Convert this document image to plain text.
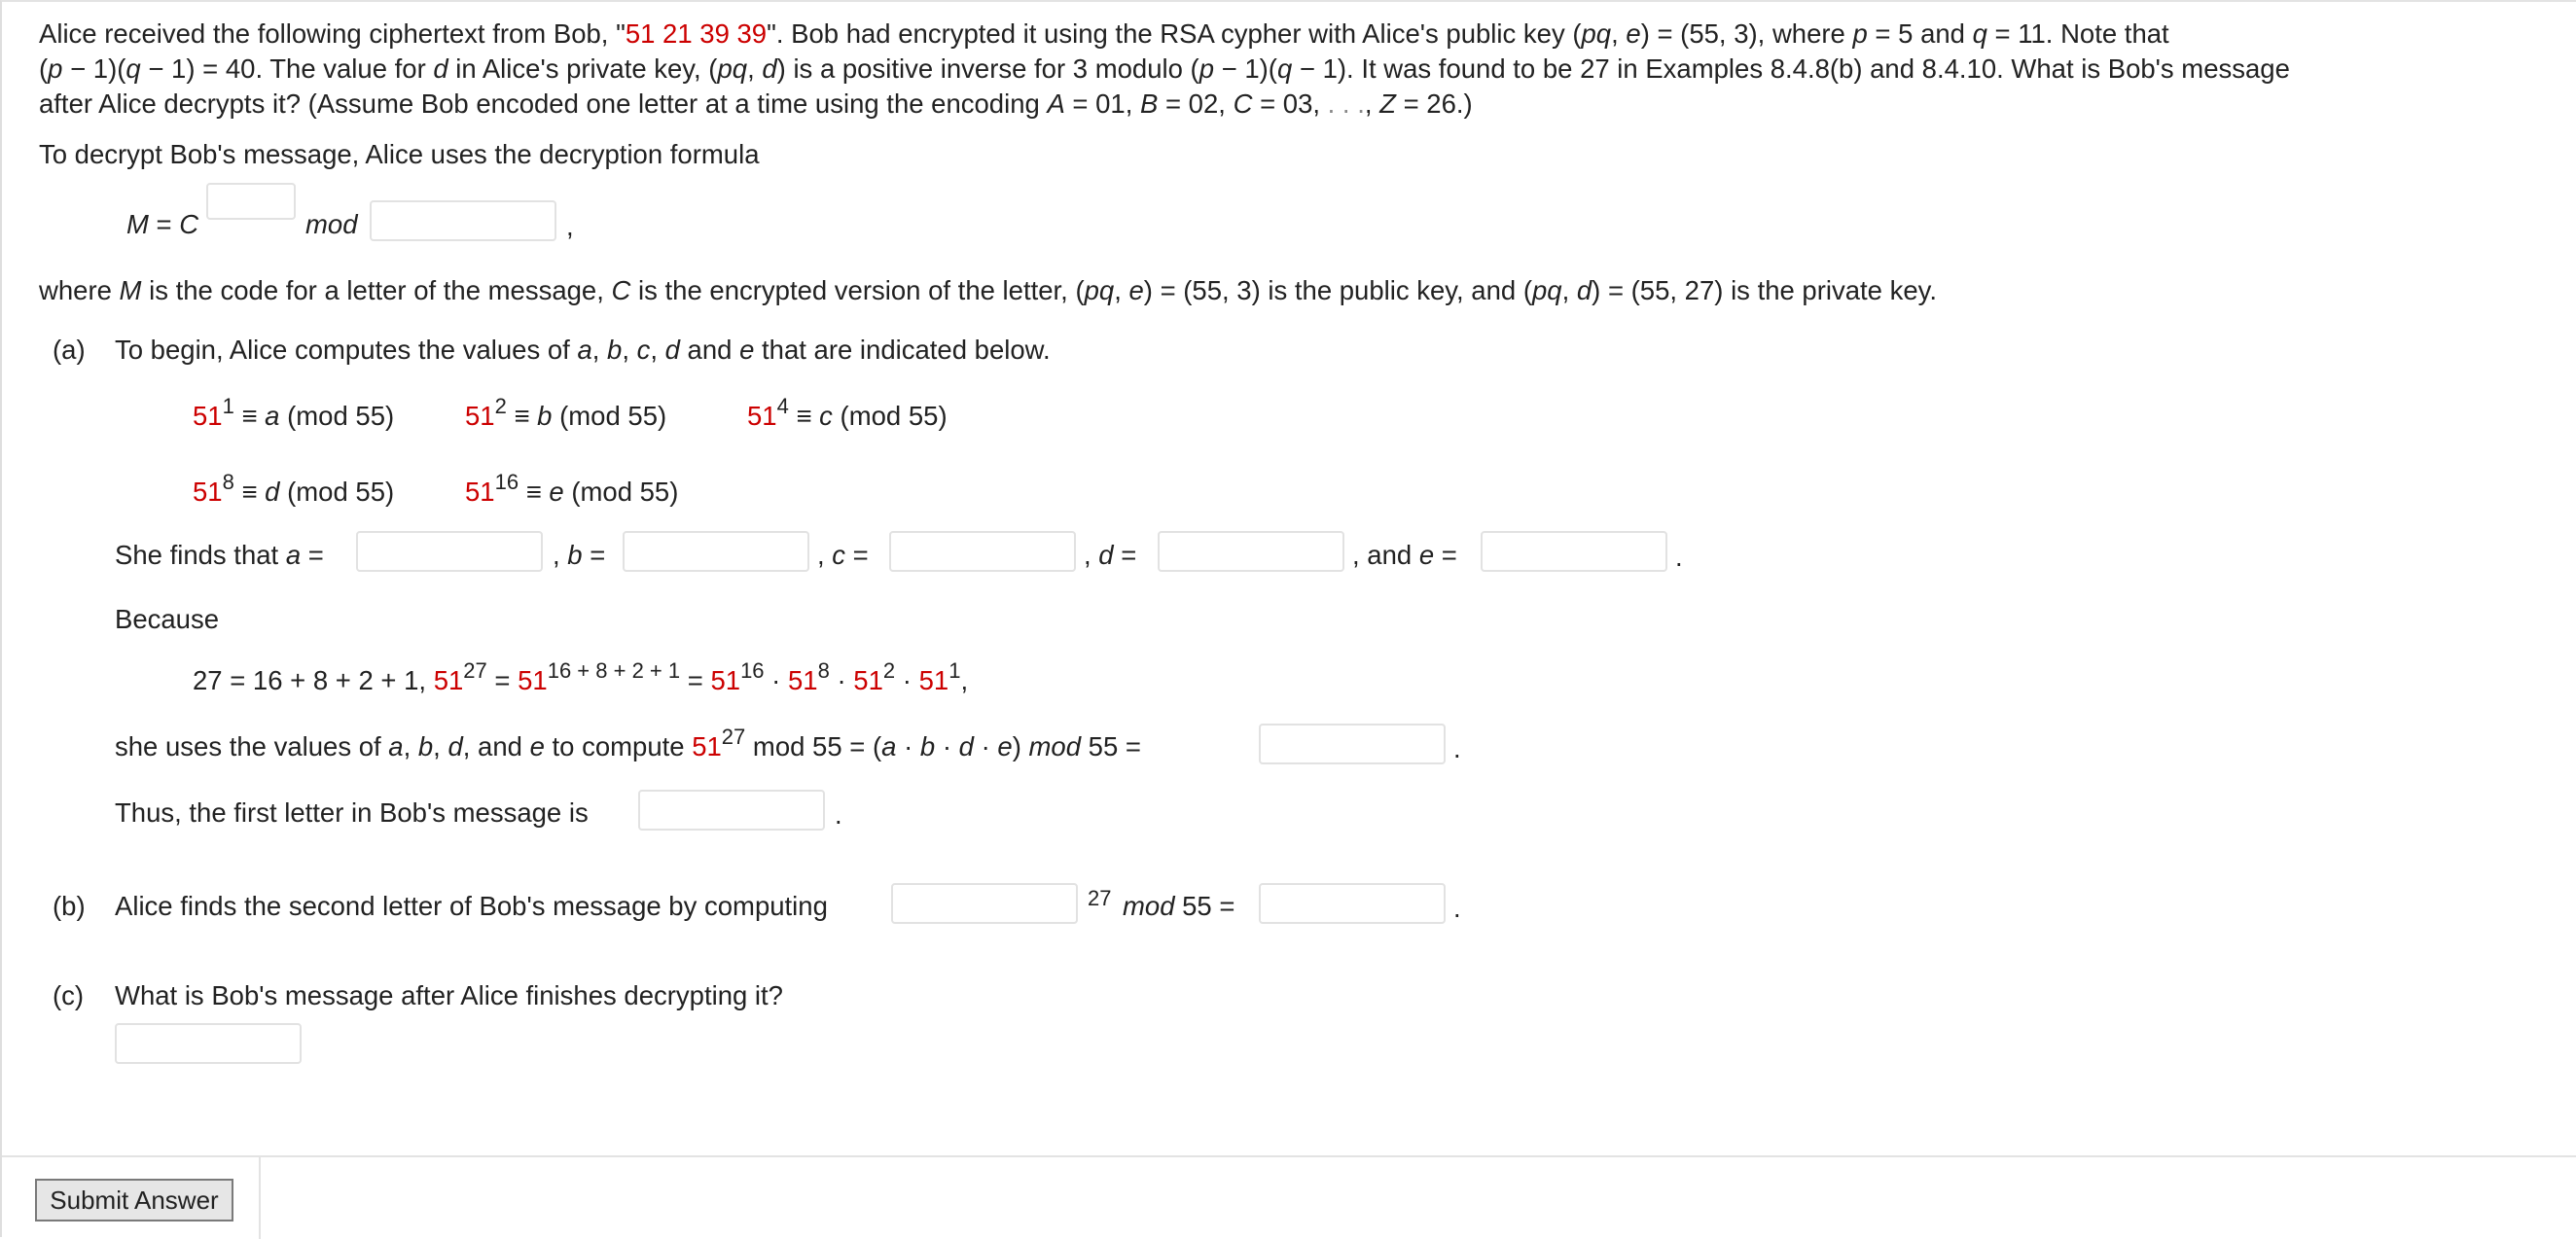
Alice received the following ciphertext from Bob, "51 21 39 39". Bob had encrypted it using the RSA cypher with Alice's public key (pq, e) = (55, 3), where p = 5 and q = 11. Note that
(p − 1)(q − 1) = 40. The value for d in Alice's private key, (pq, d) is a positive inverse for 3 modulo (p − 1)(q − 1). It was found to be 27 in Examples 8.4.8(b) and 8.4.10. What is Bob's message
after Alice decrypts it? (Assume Bob encoded one letter at a time using the encoding A = 01, B = 02, C = 03, . . ., Z = 26.)
To decrypt Bob's message, Alice uses the decryption formula
M = C	mod	,
where M is the code for a letter of the message, C is the encrypted version of the letter, (pq, e) = (55, 3) is the public key, and (pq, d) = (55, 27) is the private key.
(a) To begin, Alice computes the values of a, b, c, d and e that are indicated below.
$51^1 \equiv a$ (mod 55)	$51^2 \equiv b$ (mod 55)	$51^4 \equiv c$ (mod 55)
$51^8 \equiv d$ (mod 55)	$51^{16} \equiv e$ (mod 55)
She finds that a =	, b =	, c =	, d =	, and e =	.
Because
27 = 16 + 8 + 2 + 1, $51^{27} = 51^{16 + 8 + 2 + 1} = 51^{16} \cdot 51^8 \cdot 51^2 \cdot 51^1$,
she uses the values of a, b, d, and e to compute $51^{27}$ mod 55 = (a · b · d · e) mod 55 =	.
Thus, the first letter in Bob's message is	.
(b) Alice finds the second letter of Bob's message by computing	27 mod 55 =	.
(c) What is Bob's message after Alice finishes decrypting it?
Submit Answer
